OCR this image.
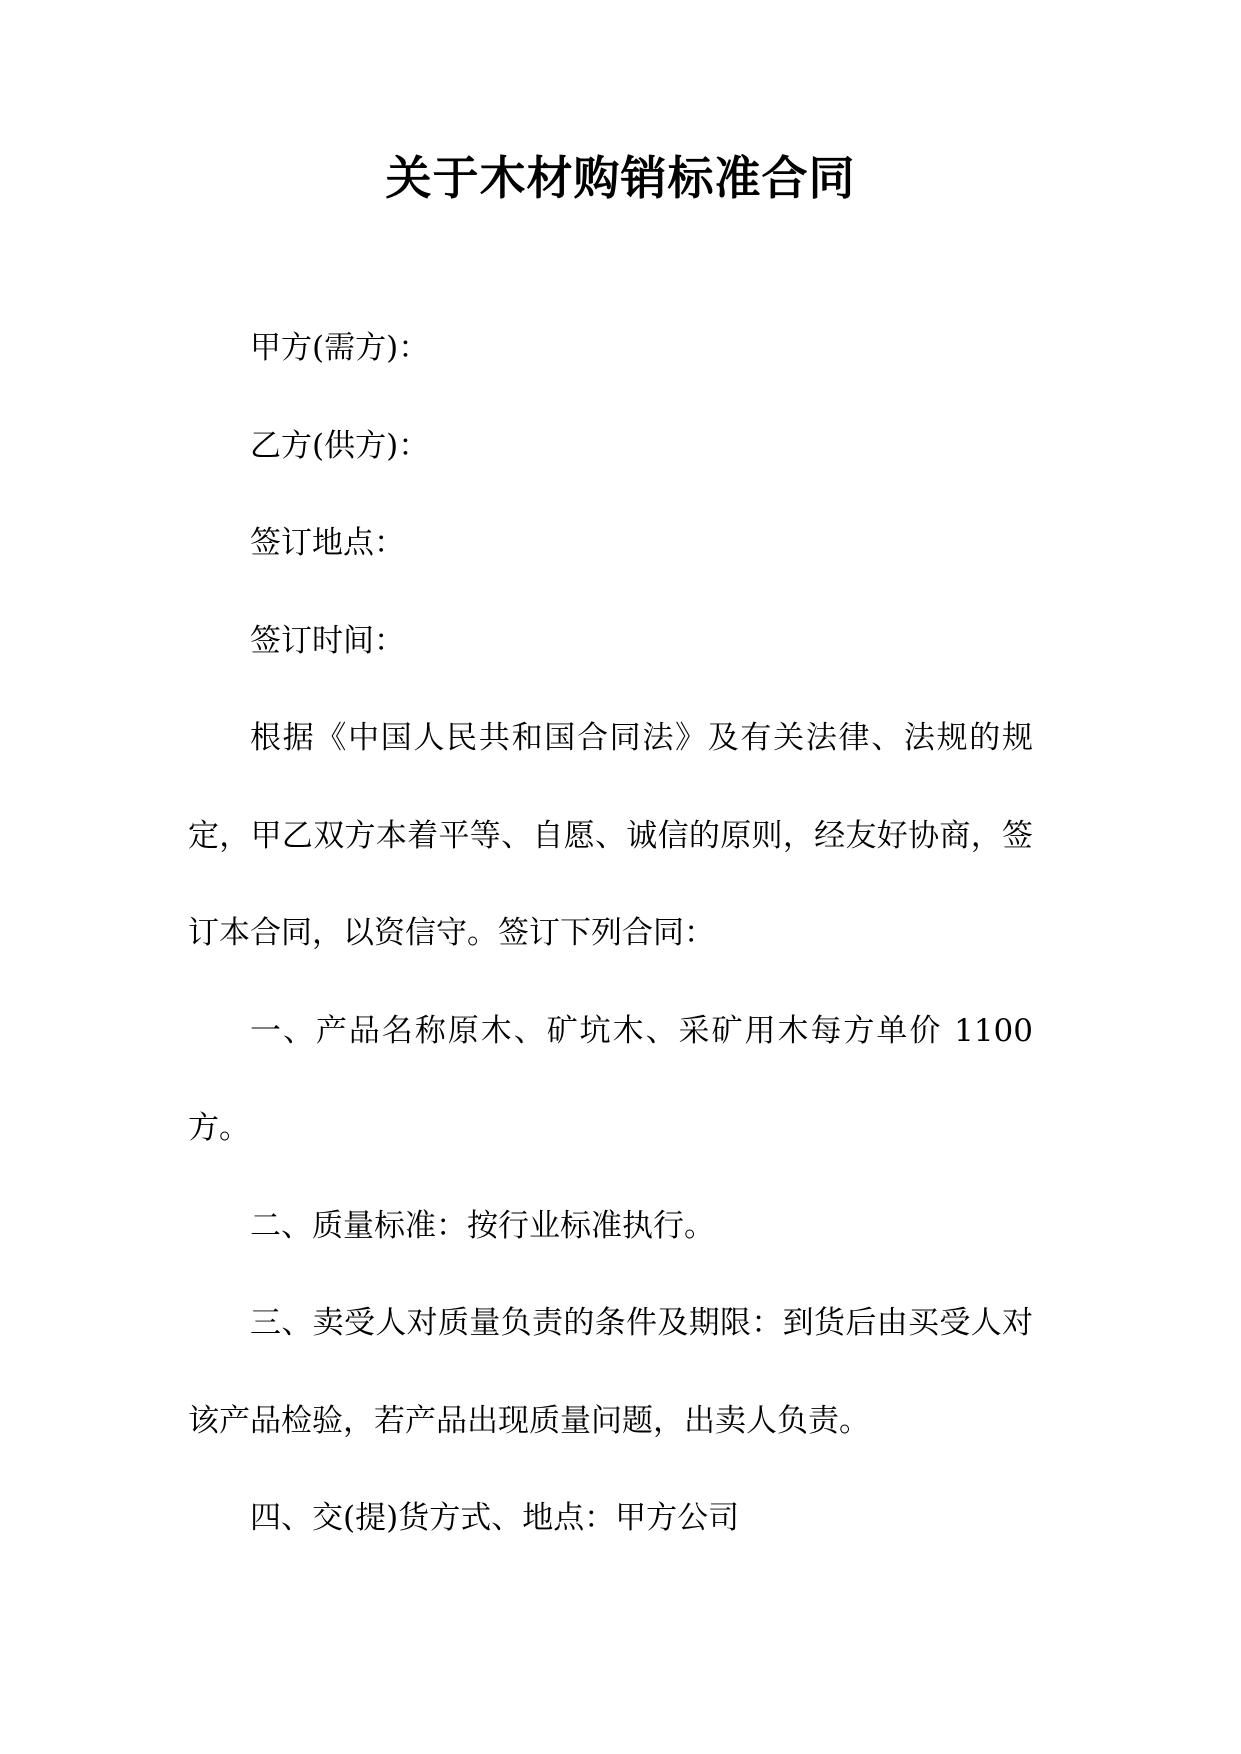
关于木材购销标准合同

甲方(需方)：

乙方(供方)：

签订地点：

签订时间：

根据《中国人民共和国合同法》及有关法律、法规的规定，甲乙双方本着平等、自愿、诚信的原则，经友好协商，签订本合同，以资信守。签订下列合同：

一、产品名称原木、矿坑木、采矿用木每方单价 1100方。

二、质量标准：按行业标准执行。

三、卖受人对质量负责的条件及期限：到货后由买受人对该产品检验，若产品出现质量问题，出卖人负责。

四、交(提)货方式、地点：甲方公司
